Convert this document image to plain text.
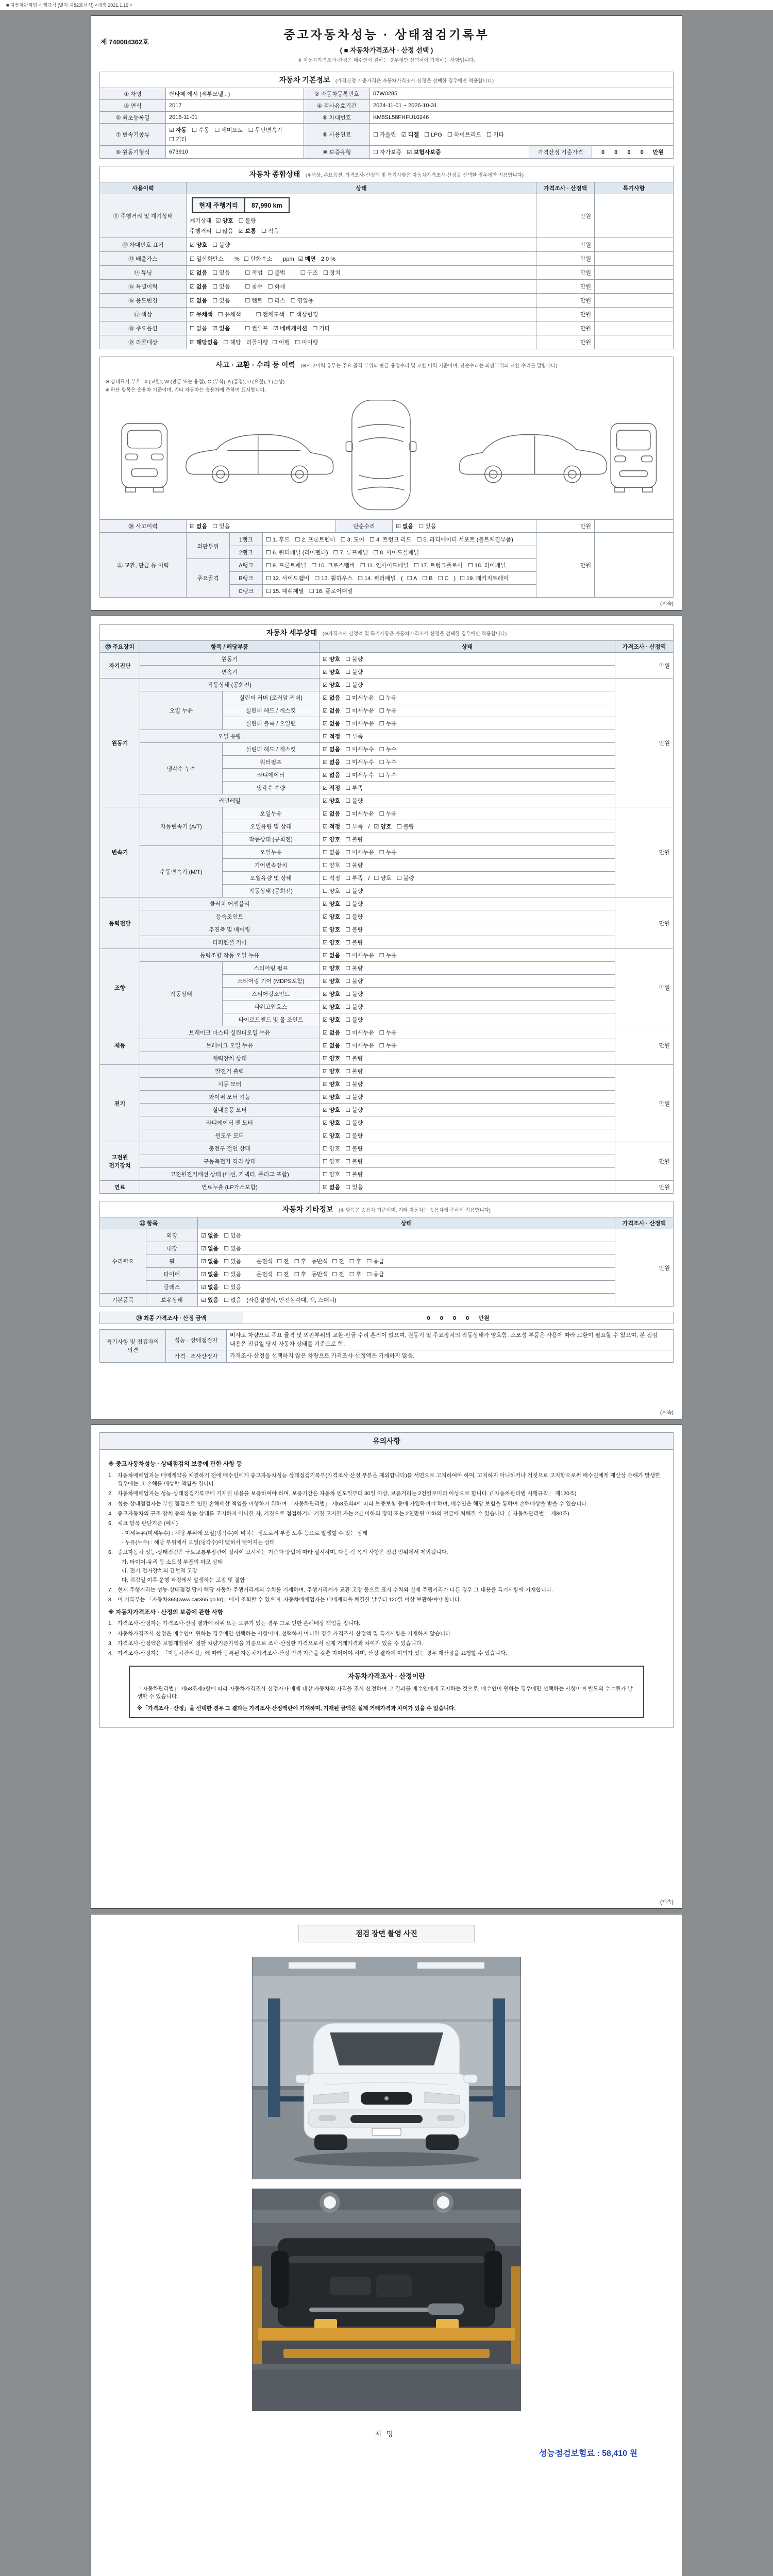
■ 자동차관리법 시행규칙 [별지 제82호서식] <개정 2021.1.19.>
제 740004362호
중고자동차성능 · 상태점검기록부
( ■ 자동차가격조사 · 산정 선택 )
※ 자동차가격조사·산정은 매수인이 원하는 경우에만 선택하여 기재하는 사항입니다.
자동차 기본정보 (가격산정 기준가격은 자동차가격조사·산정을 선택한 경우에만 적용합니다)
① 차명	싼타페 에서 (세부모델 : )	② 자동차등록번호	07W0285		
③ 연식	2017	④ 검사유효기간	2024-11-01 ~ 2026-10-31		
⑤ 최초등록일	2016-11-01	⑥ 차대번호	KM8SL58FHFU10246		
⑦ 변속기종류	☑ 자동 ☐ 수동 ☐ 세미오토 ☐ 무단변속기☐ 기타	⑧ 사용연료	☐ 가솔린 ☑ 디젤 ☐ LPG ☐ 하이브리드 ☐ 기타		
⑨ 원동기형식	673910	⑩ 보증유형	☐ 자가보증 ☑ 보험사보증	가격산정 기준가격	0 0 0 0 만원
자동차 종합상태 (※색상, 주요옵션, 가격조사·산정액 및 특기사항은 자동차가격조사·산정을 선택한 경우에만 적용합니다)
사용이력	상태	가격조사 · 산정액	특기사항
⑪ 주행거리 및 계기상태	현재 주행거리	87,990 km
계기상태 ☑ 양호 ☐ 불량
주행거리 ☐ 많음 ☑ 보통 ☐ 적음	만원	
⑫ 차대번호 표기	☑ 양호 ☐ 불량	만원	
⑬ 배출가스	☐ 일산화탄소　% ☐ 탄화수소　ppm ☑ 매연 2.0 %	만원	
⑭ 튜닝	☑ 없음 ☐ 있음　 ☐ 적법 ☐ 불법　 ☐ 구조 ☐ 장치	만원	
⑮ 특별이력	☑ 없음 ☐ 있음　 ☐ 침수 ☐ 화재	만원	
⑯ 용도변경	☑ 없음 ☐ 있음　 ☐ 렌트 ☐ 리스 ☐ 영업용	만원	
⑰ 색상	☑ 무채색 ☐ 유채색　 ☐ 전체도색 ☐ 색상변경	만원	
⑱ 주요옵션	☐ 없음 ☑ 있음　 ☐ 썬루프 ☑ 네비게이션 ☐ 기타	만원	
⑲ 리콜대상	☑ 해당없음 ☐ 해당 리콜이행 ☐ 이행 ☐ 미이행	만원	
사고 · 교환 · 수리 등 이력 (※사고이력 유무는 주요 골격 부위의 판금·용접수리 및 교환 이력 기준이며, 단순수리는 외판부위의 교환·수리를 말합니다)
※ 상태표시 부호 : X (교환), W (판금 또는 용접), C (부식), A (흠집), U (요철), T (손상)
※ 하단 항목은 승용차 기준이며, 기타 자동차는 승용차에 준하여 표시합니다.
⑳ 사고이력	☑ 없음 ☐ 있음	단순수리	☑ 없음 ☐ 있음	만원	
㉑ 교환, 판금 등 이력	외판부위	1랭크	☐ 1. 후드 ☐ 2. 프론트펜더 ☐ 3. 도어 ☐ 4. 트렁크 리드 ☐ 5. 라디에이터 서포트 (볼트체결부품)	만원	
		2랭크	☐ 6. 쿼터패널 (리어펜더) ☐ 7. 루프패널 ☐ 8. 사이드실패널		
	주요골격	A랭크	☐ 9. 프론트패널 ☐ 10. 크로스멤버 ☐ 11. 인사이드패널 ☐ 17. 트렁크플로어 ☐ 18. 리어패널		
		B랭크	☐ 12. 사이드멤버 ☐ 13. 휠하우스 ☐ 14. 필러패널 ( ☐ A ☐ B ☐ C ) ☐ 19. 패키지트레이		
		C랭크	☐ 15. 대쉬패널 ☐ 16. 플로어패널		
(계속)
자동차 세부상태 (※가격조사·산정액 및 특기사항은 자동차가격조사·산정을 선택한 경우에만 적용합니다)
㉒ 주요장치	항목 / 해당부품		상태	가격조사 · 산정액
자기진단	원동기		☑ 양호 ☐ 불량	만원
	변속기		☑ 양호 ☐ 불량	
원동기	작동상태 (공회전)		☑ 양호 ☐ 불량	만원
	오일 누유	실린더 커버 (로커암 커버)	☑ 없음 ☐ 미세누유 ☐ 누유	
		실린더 헤드 / 개스킷	☑ 없음 ☐ 미세누유 ☐ 누유	
		실린더 블록 / 오일팬	☑ 없음 ☐ 미세누유 ☐ 누유	
	오일 유량		☑ 적정 ☐ 부족	
	냉각수 누수	실린더 헤드 / 개스킷	☑ 없음 ☐ 미세누수 ☐ 누수	
		워터펌프	☑ 없음 ☐ 미세누수 ☐ 누수	
		라디에이터	☑ 없음 ☐ 미세누수 ☐ 누수	
		냉각수 수량	☑ 적정 ☐ 부족	
	커먼레일		☑ 양호 ☐ 불량	
변속기	자동변속기 (A/T)	오일누유	☑ 없음 ☐ 미세누유 ☐ 누유	만원
		오일유량 및 상태	☑ 적정 ☐ 부족 / ☑ 양호 ☐ 불량	
		작동상태 (공회전)	☑ 양호 ☐ 불량	
	수동변속기 (M/T)	오일누유	☐ 없음 ☐ 미세누유 ☐ 누유	
		기어변속장치	☐ 양호 ☐ 불량	
		오일유량 및 상태	☐ 적정 ☐ 부족 / ☐ 양호 ☐ 불량	
		작동상태 (공회전)	☐ 양호 ☐ 불량	
동력전달	클러치 어셈블리		☑ 양호 ☐ 불량	만원
	등속조인트		☑ 양호 ☐ 불량	
	추진축 및 베어링		☑ 양호 ☐ 불량	
	디퍼렌셜 기어		☑ 양호 ☐ 불량	
조향	동력조향 작동 오일 누유		☑ 없음 ☐ 미세누유 ☐ 누유	만원
	작동상태	스티어링 펌프	☑ 양호 ☐ 불량	
		스티어링 기어 (MDPS포함)	☑ 양호 ☐ 불량	
		스티어링조인트	☑ 양호 ☐ 불량	
		파워고압호스	☑ 양호 ☐ 불량	
		타이로드엔드 및 볼 조인트	☑ 양호 ☐ 불량	
제동	브레이크 마스터 실린더오일 누유		☑ 없음 ☐ 미세누유 ☐ 누유	만원
	브레이크 오일 누유		☑ 없음 ☐ 미세누유 ☐ 누유	
	배력장치 상태		☑ 양호 ☐ 불량	
전기	발전기 출력		☑ 양호 ☐ 불량	만원
	시동 모터		☑ 양호 ☐ 불량	
	와이퍼 모터 기능		☑ 양호 ☐ 불량	
	실내송풍 모터		☑ 양호 ☐ 불량	
	라디에이터 팬 모터		☑ 양호 ☐ 불량	
	윈도우 모터		☑ 양호 ☐ 불량	
고전원 전기장치	충전구 절연 상태		☐ 양호 ☐ 불량	만원
	구동축전지 격리 상태		☐ 양호 ☐ 불량	
	고전원전기배선 상태 (배선, 커넥터, 플러그 포함)		☐ 양호 ☐ 불량	
연료	연료누출 (LP가스포함)		☑ 없음 ☐ 있음	만원
자동차 기타정보 (※ 항목은 승용차 기준이며, 기타 자동차는 승용차에 준하여 적용합니다)
㉓ 항목		상태	가격조사 · 산정액
수리필요	외장	☑ 없음 ☐ 있음	만원
	내장	☑ 없음 ☐ 있음	
	휠	☑ 없음 ☐ 있음　 운전석 ☐ 전 ☐ 후 동반석 ☐ 전 ☐ 후 ☐ 응급	
	타이어	☑ 없음 ☐ 있음　 운전석 ☐ 전 ☐ 후 동반석 ☐ 전 ☐ 후 ☐ 응급	
	글래스	☑ 없음 ☐ 있음	
기본품목	보유상태	☑ 있음 ☐ 없음 (사용설명서, 안전삼각대, 잭, 스패너)	
㉔ 최종 가격조사 · 산정 금액	0 0 0 0 만원
특기사항 및 점검자의 의견	성능 · 상태점검자	비사고 차량으로 주요 골격 및 외판부위의 교환·판금 수리 흔적이 없으며, 원동기 및 주요장치의 작동상태가 양호함. 소모성 부품은 사용에 따라 교환이 필요할 수 있으며, 본 점검 내용은 점검일 당시 자동차 상태를 기준으로 함.
	가격 · 조사산정자	가격조사·산정을 선택하지 않은 차량으로 가격조사·산정액은 기재하지 않음.
(계속)
유의사항
※ 중고자동차성능 · 상태점검의 보증에 관한 사항 등
1. 자동차매매업자는 매매계약을 체결하기 전에 매수인에게 중고자동차성능·상태점검기록부(가격조사·산정 부분은 제외합니다)를 서면으로 고지하여야 하며, 고지하지 아니하거나 거짓으로 고지함으로써 매수인에게 재산상 손해가 발생한 경우에는 그 손해를 배상할 책임을 집니다.
2. 자동차매매업자는 성능·상태점검기록부에 기재된 내용을 보증하여야 하며, 보증기간은 자동차 인도일부터 30일 이상, 보증거리는 2천킬로미터 이상으로 합니다. (「자동차관리법 시행규칙」 제120조)
3. 성능·상태점검자는 부실 점검으로 인한 손해배상 책임을 이행하기 위하여 「자동차관리법」 제58조의4에 따라 보증보험 등에 가입하여야 하며, 매수인은 해당 보험을 통하여 손해배상을 받을 수 있습니다.
4. 중고자동차의 구조·장치 등의 성능·상태를 고지하지 아니한 자, 거짓으로 점검하거나 거짓 고지한 자는 2년 이하의 징역 또는 2천만원 이하의 벌금에 처해질 수 있습니다. (「자동차관리법」 제80조)
5. 체크 항목 판단기준 (예시)
- 미세누유(미세누수) : 해당 부위에 오일(냉각수)이 비치는 정도로서 부품 노후 등으로 발생할 수 있는 상태
- 누유(누수) : 해당 부위에서 오일(냉각수)이 맺혀서 떨어지는 상태
6. 중고자동차 성능·상태점검은 국토교통부장관이 정하여 고시하는 기준과 방법에 따라 실시하며, 다음 각 목의 사항은 점검 범위에서 제외됩니다.
가. 타이어·유리 등 소모성 부품의 마모 상태
나. 전기·전자장치의 간헐적 고장
다. 점검일 이후 운행 과정에서 발생하는 고장 및 결함
7. 현재 주행거리는 성능·상태점검 당시 해당 자동차 주행거리계의 수치를 기재하며, 주행거리계가 교환·고장 등으로 표시 수치와 실제 주행거리가 다른 경우 그 내용을 특기사항에 기재합니다.
8. 이 기록부는 「자동차365(www.car365.go.kr)」에서 조회할 수 있으며, 자동차매매업자는 매매계약을 체결한 날부터 120일 이상 보관하여야 합니다.
※ 자동차가격조사 · 산정의 보증에 관한 사항
1. 가격조사·산정자는 가격조사·산정 결과에 허위 또는 오류가 있는 경우 그로 인한 손해배상 책임을 집니다.
2. 자동차가격조사·산정은 매수인이 원하는 경우에만 선택하는 사항이며, 선택하지 아니한 경우 가격조사·산정액 및 특기사항은 기재하지 않습니다.
3. 가격조사·산정액은 보험개발원이 정한 차량기준가액을 기준으로 조사·산정한 가격으로서 실제 거래가격과 차이가 있을 수 있습니다.
4. 가격조사·산정자는 「자동차관리법」에 따라 등록된 자동차가격조사·산정 인력 기준을 갖춘 자이어야 하며, 산정 결과에 이의가 있는 경우 재산정을 요청할 수 있습니다.
자동차가격조사 · 산정이란
「자동차관리법」 제58조제3항에 따라 자동차가격조사·산정자가 매매 대상 자동차의 가격을 조사·산정하여 그 결과를 매수인에게 고지하는 것으로, 매수인이 원하는 경우에만 선택하는 사항이며 별도의 수수료가 발생할 수 있습니다.
※「가격조사 · 산정」을 선택한 경우 그 결과는 가격조사·산정액란에 기재하며, 기재된 금액은 실제 거래가격과 차이가 있을 수 있습니다.
(계속)
점검 장면 촬영 사진
서명
성능점검보험료 : 58,410 원
